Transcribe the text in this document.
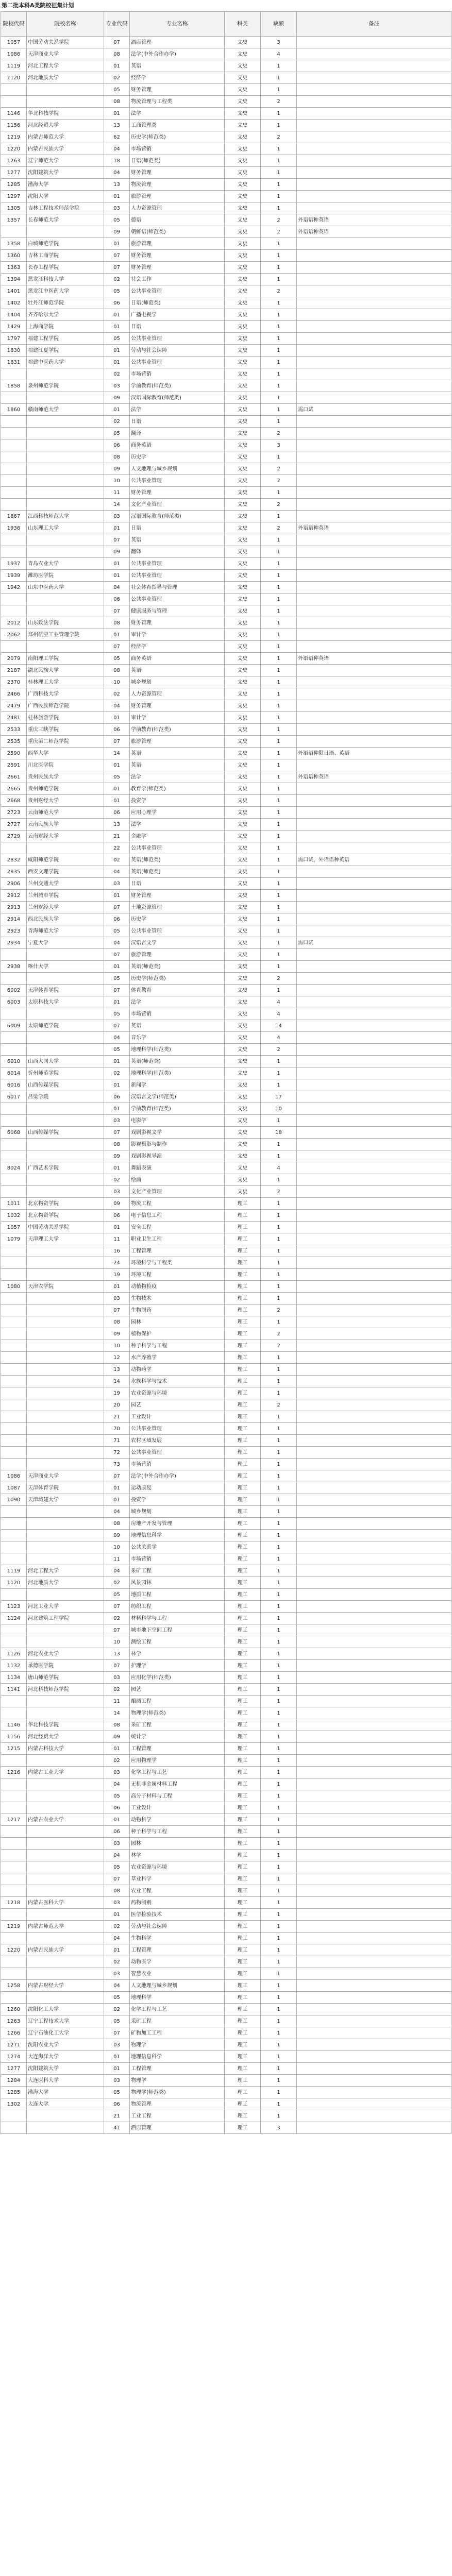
第二批本科A类院校征集计划
院校代码	院校名称	专业代码	专业名称	科类	缺额	备注
1057	中国劳动关系学院	07	酒店管理	文史	3	
1086	天津商业大学	08	法学(中外合作办学)	文史	4	
1119	河北工程大学	01	英语	文史	1	
1120	河北地质大学	02	经济学	文史	1	
		05	财务管理	文史	1	
		08	物流管理与工程类	文史	2	
1146	华北科技学院	01	法学	文史	1	
1156	河北经贸大学	13	工商管理类	文史	1	
1219	内蒙古师范大学	62	历史学(师范类)	文史	2	
1220	内蒙古民族大学	04	市场营销	文史	1	
1263	辽宁师范大学	18	日语(师范类)	文史	1	
1277	沈阳建筑大学	04	财务管理	文史	1	
1285	渤海大学	13	物流管理	文史	1	
1297	沈阳大学	01	旅游管理	文史	1	
1305	吉林工程技术师范学院	03	人力资源管理	文史	1	
1357	长春师范大学	05	德语	文史	2	外语语种英语
		09	朝鲜语(师范类)	文史	2	外语语种英语
1358	白城师范学院	01	旅游管理	文史	1	
1360	吉林工商学院	07	财务管理	文史	1	
1363	长春工程学院	07	财务管理	文史	1	
1394	黑龙江科技大学	02	社会工作	文史	1	
1401	黑龙江中医药大学	05	公共事业管理	文史	2	
1402	牡丹江师范学院	06	日语(师范类)	文史	1	
1404	齐齐哈尔大学	01	广播电视学	文史	1	
1429	上海商学院	01	日语	文史	1	
1797	福建工程学院	05	公共事业管理	文史	1	
1830	福建江夏学院	01	劳动与社会保障	文史	1	
1831	福建中医药大学	01	公共事业管理	文史	1	
		02	市场营销	文史	1	
1858	泉州师范学院	03	学前教育(师范类)	文史	1	
		09	汉语国际教育(师范类)	文史	1	
1860	赣南师范大学	01	法学	文史	1	需口试
		02	日语	文史	1	
		05	翻译	文史	2	
		06	商务英语	文史	3	
		08	历史学	文史	1	
		09	人文地理与城乡规划	文史	2	
		10	公共事业管理	文史	2	
		11	财务管理	文史	1	
		14	文化产业管理	文史	2	
1867	江西科技师范大学	03	汉语国际教育(师范类)	文史	1	
1936	山东理工大学	01	日语	文史	2	外语语种英语
		07	英语	文史	1	
		09	翻译	文史	1	
1937	青岛农业大学	01	公共事业管理	文史	1	
1939	潍坊医学院	01	公共事业管理	文史	1	
1942	山东中医药大学	04	社会体育指导与管理	文史	1	
		06	公共事业管理	文史	1	
		07	健康服务与管理	文史	1	
2012	山东政法学院	08	财务管理	文史	1	
2062	郑州航空工业管理学院	01	审计学	文史	1	
		07	经济学	文史	1	
2079	南阳理工学院	05	商务英语	文史	1	外语语种英语
2187	湖北民族大学	08	英语	文史	1	
2370	桂林理工大学	10	城乡规划	文史	1	
2466	广西科技大学	02	人力资源管理	文史	1	
2479	广西民族师范学院	04	财务管理	文史	1	
2481	桂林旅游学院	01	审计学	文史	1	
2533	重庆三峡学院	06	学前教育(师范类)	文史	1	
2535	重庆第二师范学院	07	旅游管理	文史	1	
2590	西华大学	14	英语	文史	1	外语语种限日语、英语
2591	川北医学院	01	英语	文史	1	
2661	贵州民族大学	05	法学	文史	1	外语语种英语
2665	贵州师范学院	01	教育学(师范类)	文史	1	
2668	贵州财经大学	01	投资学	文史	1	
2723	云南师范大学	06	应用心理学	文史	1	
2727	云南民族大学	13	法学	文史	1	
2729	云南财经大学	21	金融学	文史	1	
		22	公共事业管理	文史	1	
2832	咸阳师范学院	02	英语(师范类)	文史	1	需口试，外语语种英语
2835	西安文理学院	04	英语(师范类)	文史	1	
2906	兰州交通大学	03	日语	文史	1	
2912	兰州城市学院	01	财务管理	文史	1	
2913	兰州财经大学	07	土地资源管理	文史	1	
2914	西北民族大学	06	历史学	文史	1	
2923	青海师范大学	05	公共事业管理	文史	1	
2934	宁夏大学	04	汉语言文学	文史	1	需口试
		07	旅游管理	文史	1	
2938	喀什大学	01	英语(师范类)	文史	1	
		05	历史学(师范类)	文史	2	
6002	天津体育学院	07	体育教育	文史	1	
6003	太原科技大学	01	法学	文史	4	
		05	市场营销	文史	4	
6009	太原师范学院	07	英语	文史	14	
		04	音乐学	文史	4	
		05	地理科学(师范类)	文史	2	
6010	山西大同大学	01	英语(师范类)	文史	1	
6014	忻州师范学院	02	地理科学(师范类)	文史	1	
6016	山西传媒学院	01	新闻学	文史	1	
6017	吕梁学院	06	汉语言文学(师范类)	文史	17	
		01	学前教育(师范类)	文史	10	
		03	电影学	文史	1	
6068	山西传媒学院	07	戏剧影视文学	文史	18	
		08	影视摄影与制作	文史	1	
		09	戏剧影视导演	文史	1	
8024	广西艺术学院	01	舞蹈表演	文史	4	
		02	绘画	文史	1	
		03	文化产业管理	文史	2	
1011	北京物资学院	09	物流工程	理工	1	
1032	北京物资学院	06	电子信息工程	理工	1	
1057	中国劳动关系学院	01	安全工程	理工	1	
1079	天津理工大学	11	职业卫生工程	理工	1	
		16	工程管理	理工	1	
		24	环境科学与工程类	理工	1	
		19	环境工程	理工	1	
1080	天津农学院	01	动植物检疫	理工	1	
		03	生物技术	理工	1	
		07	生物制药	理工	2	
		08	园林	理工	1	
		09	植物保护	理工	2	
		10	种子科学与工程	理工	2	
		12	水产养殖学	理工	1	
		13	动物药学	理工	1	
		14	水族科学与技术	理工	1	
		19	农业资源与环境	理工	1	
		20	园艺	理工	2	
		21	工业设计	理工	1	
		70	公共事业管理	理工	1	
		71	农村区域发展	理工	1	
		72	公共事业管理	理工	1	
		73	市场营销	理工	1	
1086	天津商业大学	07	法学(中外合作办学)	理工	1	
1087	天津体育学院	01	运动康复	理工	1	
1090	天津城建大学	01	投资学	理工	1	
		04	城乡规划	理工	1	
		08	房地产开发与管理	理工	1	
		09	地理信息科学	理工	1	
		10	公共关系学	理工	1	
		11	市场营销	理工	1	
1119	河北工程大学	04	采矿工程	理工	1	
1120	河北地质大学	02	风景园林	理工	1	
		05	地质工程	理工	1	
1123	河北工业大学	07	纺织工程	理工	1	
1124	河北建筑工程学院	02	材料科学与工程	理工	1	
		07	城市地下空间工程	理工	1	
		10	测绘工程	理工	1	
1126	河北农业大学	13	林学	理工	1	
1132	承德医学院	07	护理学	理工	1	
1134	唐山师范学院	03	应用化学(师范类)	理工	1	
1141	河北科技师范学院	02	园艺	理工	1	
		11	酿酒工程	理工	1	
		14	物理学(师范类)	理工	1	
1146	华北科技学院	08	采矿工程	理工	1	
1156	河北经贸大学	09	统计学	理工	1	
1215	内蒙古科技大学	01	工程管理	理工	1	
		02	应用物理学	理工	1	
1216	内蒙古工业大学	03	化学工程与工艺	理工	1	
		04	无机非金属材料工程	理工	1	
		05	高分子材料与工程	理工	1	
		06	工业设计	理工	1	
1217	内蒙古农业大学	01	动物科学	理工	1	
		06	种子科学与工程	理工	1	
		03	园林	理工	1	
		04	林学	理工	1	
		05	农业资源与环境	理工	1	
		07	草业科学	理工	1	
		08	农业工程	理工	1	
1218	内蒙古医科大学	03	药物制剂	理工	1	
		01	医学检验技术	理工	1	
1219	内蒙古师范大学	02	劳动与社会保障	理工	1	
		04	生物科学	理工	1	
1220	内蒙古民族大学	01	工程管理	理工	1	
		02	动物医学	理工	1	
		03	智慧农业	理工	1	
1258	内蒙古财经大学	04	人文地理与城乡规划	理工	1	
		05	地理科学	理工	1	
1260	沈阳化工大学	02	化学工程与工艺	理工	1	
1263	辽宁工程技术大学	05	采矿工程	理工	1	
1266	辽宁石油化工大学	07	矿物加工工程	理工	1	
1271	沈阳农业大学	03	物理学	理工	1	
1274	大连海洋大学	01	地理信息科学	理工	1	
1277	沈阳建筑大学	01	工程管理	理工	1	
1284	大连医科大学	03	物理学	理工	1	
1285	渤海大学	05	物理学(师范类)	理工	1	
1302	大连大学	06	物流管理	理工	1	
		21	工业工程	理工	1	
		41	酒店管理	理工	3	
